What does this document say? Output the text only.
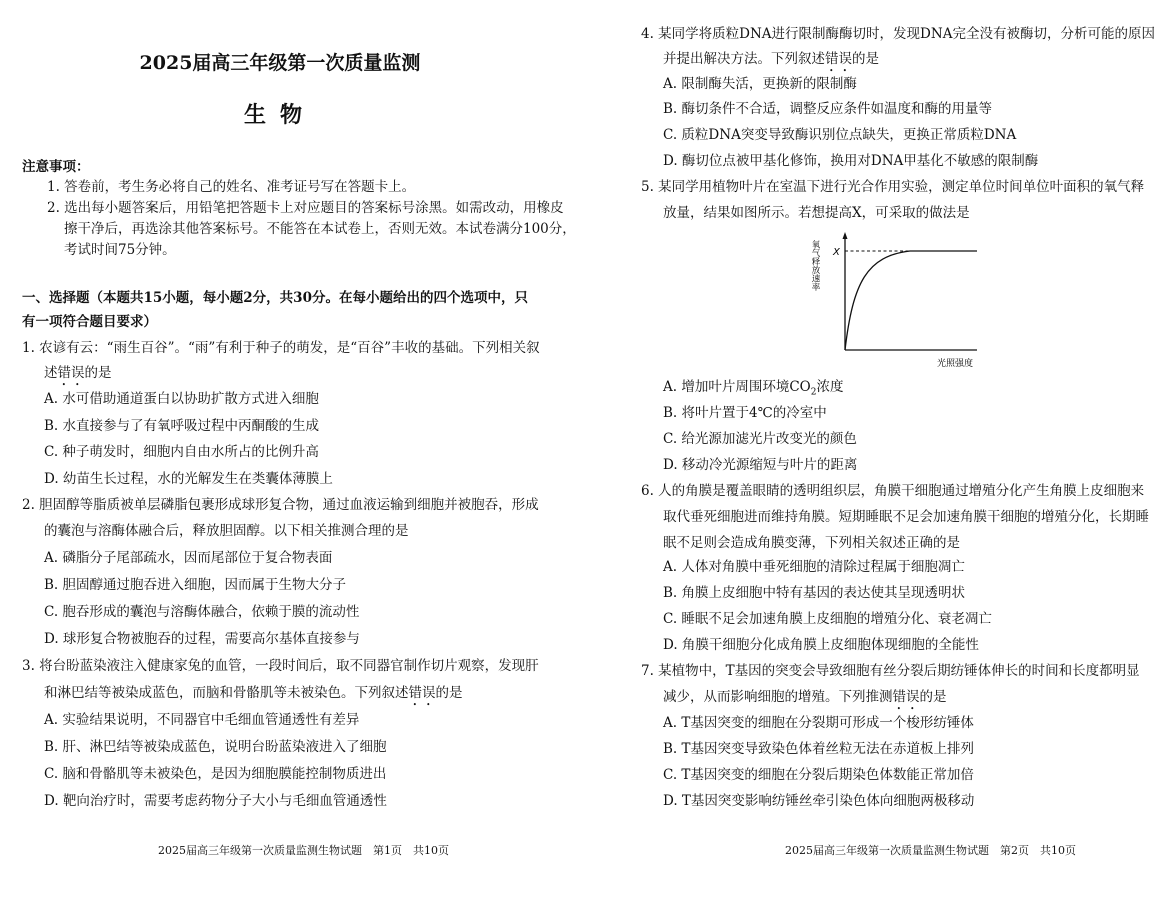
2025届高三年级第一次质量监测
生物
注意事项：
1. 答卷前，考生务必将自己的姓名、准考证号写在答题卡上。
2. 选出每小题答案后，用铅笔把答题卡上对应题目的答案标号涂黑。如需改动，用橡皮
擦干净后，再选涂其他答案标号。不能答在本试卷上，否则无效。本试卷满分100分，
考试时间75分钟。
一、选择题（本题共15小题，每小题2分，共30分。在每小题给出的四个选项中，只
有一项符合题目要求）
1. 农谚有云：“雨生百谷”。“雨”有利于种子的萌发，是“百谷”丰收的基础。下列相关叙
述错误的是
A. 水可借助通道蛋白以协助扩散方式进入细胞
B. 水直接参与了有氧呼吸过程中丙酮酸的生成
C. 种子萌发时，细胞内自由水所占的比例升高
D. 幼苗生长过程，水的光解发生在类囊体薄膜上
2. 胆固醇等脂质被单层磷脂包裹形成球形复合物，通过血液运输到细胞并被胞吞，形成
的囊泡与溶酶体融合后，释放胆固醇。以下相关推测合理的是
A. 磷脂分子尾部疏水，因而尾部位于复合物表面
B. 胆固醇通过胞吞进入细胞，因而属于生物大分子
C. 胞吞形成的囊泡与溶酶体融合，依赖于膜的流动性
D. 球形复合物被胞吞的过程，需要高尔基体直接参与
3. 将台盼蓝染液注入健康家兔的血管，一段时间后，取不同器官制作切片观察，发现肝
和淋巴结等被染成蓝色，而脑和骨骼肌等未被染色。下列叙述错误的是
A. 实验结果说明，不同器官中毛细血管通透性有差异
B. 肝、淋巴结等被染成蓝色，说明台盼蓝染液进入了细胞
C. 脑和骨骼肌等未被染色，是因为细胞膜能控制物质进出
D. 靶向治疗时，需要考虑药物分子大小与毛细血管通透性
2025届高三年级第一次质量监测生物试题　第1页　共10页
4. 某同学将质粒DNA进行限制酶酶切时，发现DNA完全没有被酶切，分析可能的原因
并提出解决方法。下列叙述错误的是
A. 限制酶失活，更换新的限制酶
B. 酶切条件不合适，调整反应条件如温度和酶的用量等
C. 质粒DNA突变导致酶识别位点缺失，更换正常质粒DNA
D. 酶切位点被甲基化修饰，换用对DNA甲基化不敏感的限制酶
5. 某同学用植物叶片在室温下进行光合作用实验，测定单位时间单位叶面积的氧气释
放量，结果如图所示。若想提高X，可采取的做法是
X
氧气释放速率
光照强度
A. 增加叶片周围环境$CO_2$浓度
B. 将叶片置于4℃的冷室中
C. 给光源加滤光片改变光的颜色
D. 移动冷光源缩短与叶片的距离
6. 人的角膜是覆盖眼睛的透明组织层，角膜干细胞通过增殖分化产生角膜上皮细胞来
取代垂死细胞进而维持角膜。短期睡眠不足会加速角膜干细胞的增殖分化，长期睡
眠不足则会造成角膜变薄，下列相关叙述正确的是
A. 人体对角膜中垂死细胞的清除过程属于细胞凋亡
B. 角膜上皮细胞中特有基因的表达使其呈现透明状
C. 睡眠不足会加速角膜上皮细胞的增殖分化、衰老凋亡
D. 角膜干细胞分化成角膜上皮细胞体现细胞的全能性
7. 某植物中，T基因的突变会导致细胞有丝分裂后期纺锤体伸长的时间和长度都明显
减少，从而影响细胞的增殖。下列推测错误的是
A. T基因突变的细胞在分裂期可形成一个梭形纺锤体
B. T基因突变导致染色体着丝粒无法在赤道板上排列
C. T基因突变的细胞在分裂后期染色体数能正常加倍
D. T基因突变影响纺锤丝牵引染色体向细胞两极移动
2025届高三年级第一次质量监测生物试题　第2页　共10页
